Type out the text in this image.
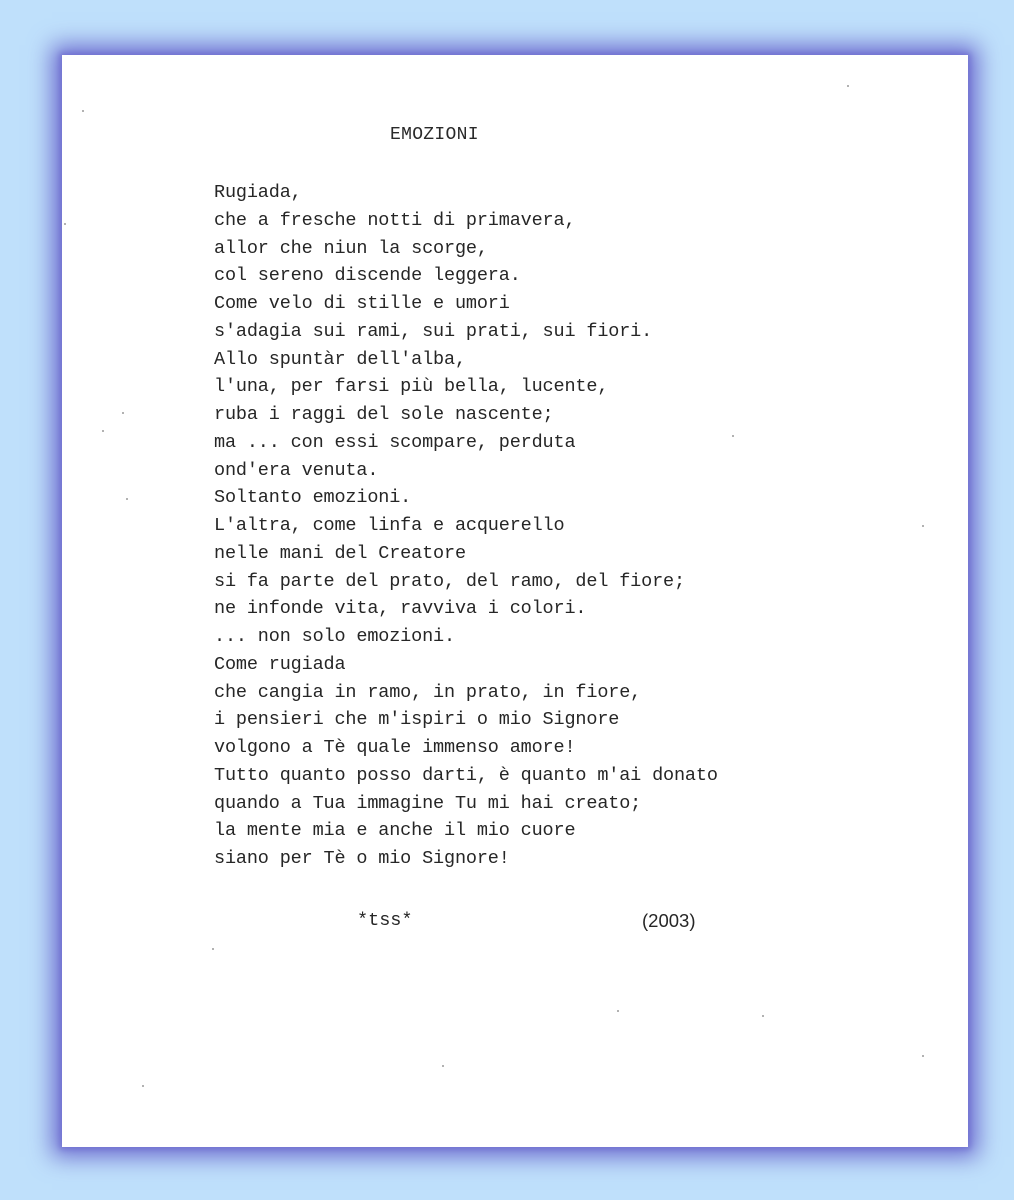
EMOZIONI
Rugiada,
che a fresche notti di primavera,
allor che niun la scorge,
col sereno discende leggera.
Come velo di stille e umori
s'adagia sui rami, sui prati, sui fiori.
Allo spuntàr dell'alba,
l'una, per farsi più bella, lucente,
ruba i raggi del sole nascente;
ma ... con essi scompare, perduta
ond'era venuta.
Soltanto emozioni.
L'altra, come linfa e acquerello
nelle mani del Creatore
si fa parte del prato, del ramo, del fiore;
ne infonde vita, ravviva i colori.
... non solo emozioni.
Come rugiada
che cangia in ramo, in prato, in fiore,
i pensieri che m'ispiri o mio Signore
volgono a Tè quale immenso amore!
Tutto quanto posso darti, è quanto m'ai donato
quando a Tua immagine Tu mi hai creato;
la mente mia e anche il mio cuore
siano per Tè o mio Signore!
*tss*	(2003)
